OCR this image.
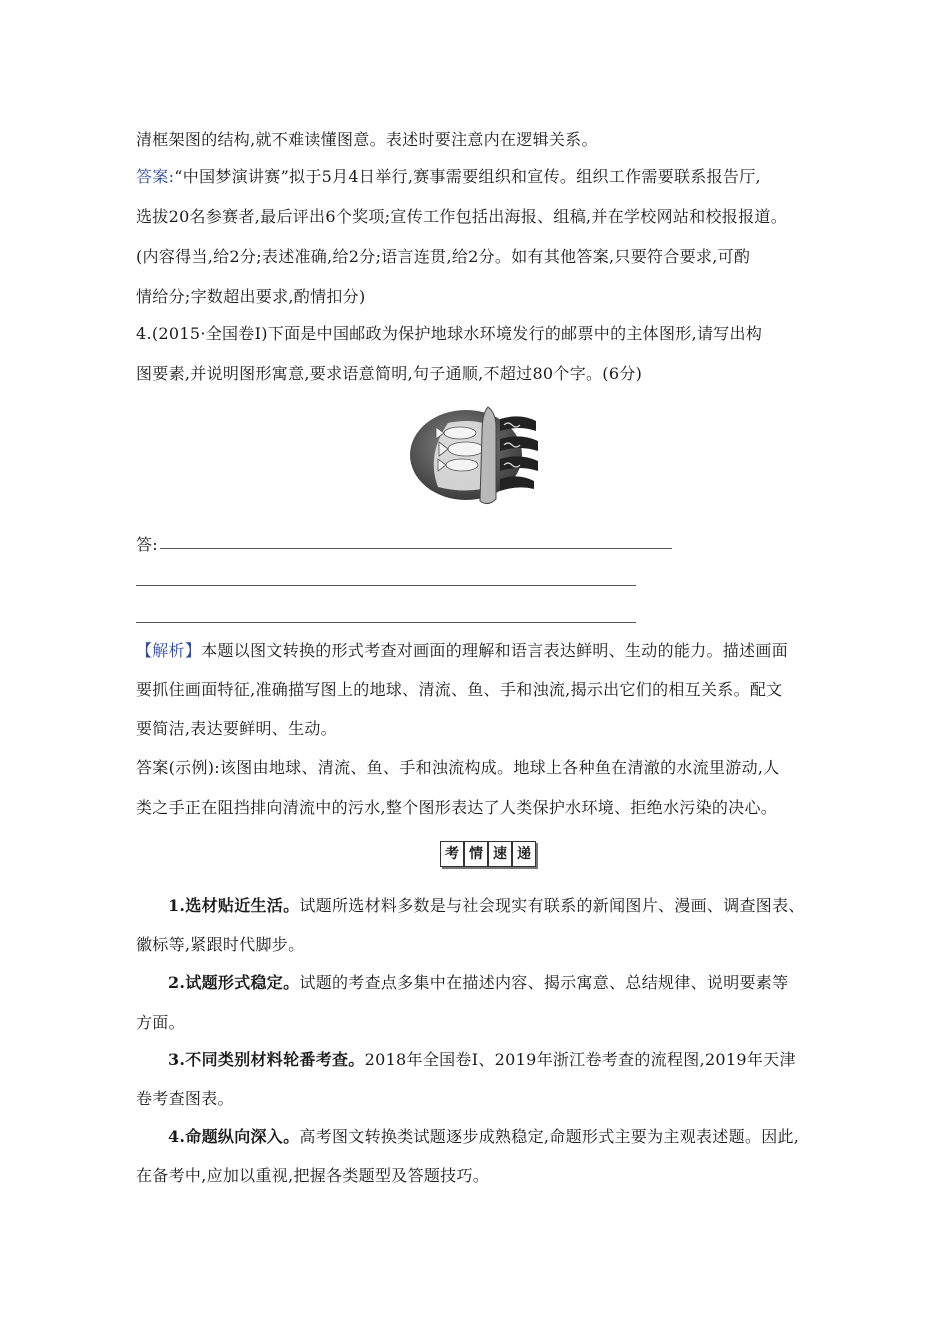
清框架图的结构,就不难读懂图意。表述时要注意内在逻辑关系。
答案:“中国梦演讲赛”拟于5月4日举行,赛事需要组织和宣传。组织工作需要联系报告厅,
选拔20名参赛者,最后评出6个奖项;宣传工作包括出海报、组稿,并在学校网站和校报报道。
(内容得当,给2分;表述准确,给2分;语言连贯,给2分。如有其他答案,只要符合要求,可酌
情给分;字数超出要求,酌情扣分)
4.(2015·全国卷Ⅰ)下面是中国邮政为保护地球水环境发行的邮票中的主体图形,请写出构
图要素,并说明图形寓意,要求语意简明,句子通顺,不超过80个字。(6分)
答:
【解析】本题以图文转换的形式考查对画面的理解和语言表达鲜明、生动的能力。描述画面
要抓住画面特征,准确描写图上的地球、清流、鱼、手和浊流,揭示出它们的相互关系。配文
要简洁,表达要鲜明、生动。
答案(示例):该图由地球、清流、鱼、手和浊流构成。地球上各种鱼在清澈的水流里游动,人
类之手正在阻挡排向清流中的污水,整个图形表达了人类保护水环境、拒绝水污染的决心。
考 情 速 递
1.选材贴近生活。试题所选材料多数是与社会现实有联系的新闻图片、漫画、调查图表、
徽标等,紧跟时代脚步。
2.试题形式稳定。试题的考查点多集中在描述内容、揭示寓意、总结规律、说明要素等
方面。
3.不同类别材料轮番考查。2018年全国卷Ⅰ、2019年浙江卷考查的流程图,2019年天津
卷考查图表。
4.命题纵向深入。高考图文转换类试题逐步成熟稳定,命题形式主要为主观表述题。因此,
在备考中,应加以重视,把握各类题型及答题技巧。
